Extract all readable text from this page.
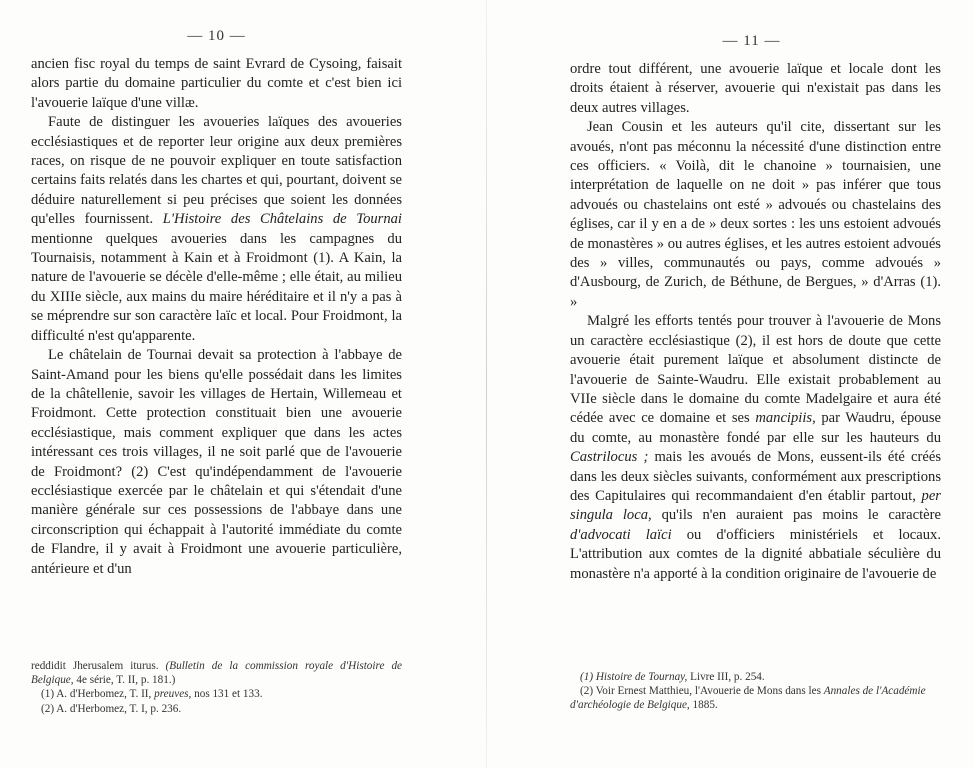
— 10 —

ancien fisc royal du temps de saint Evrard de Cysoing, faisait alors partie du domaine particulier du comte et c'est bien ici l'avouerie laïque d'une villæ.

Faute de distinguer les avoueries laïques des avoueries ecclésiastiques et de reporter leur origine aux deux premières races, on risque de ne pouvoir expliquer en toute satisfaction certains faits relatés dans les chartes et qui, pourtant, doivent se déduire naturellement si peu précises que soient les données qu'elles fournissent. L'Histoire des Châtelains de Tournai mentionne quelques avoueries dans les campagnes du Tournaisis, notamment à Kain et à Froidmont (1). A Kain, la nature de l'avouerie se décèle d'elle-même ; elle était, au milieu du XIIIe siècle, aux mains du maire héréditaire et il n'y a pas à se méprendre sur son caractère laïc et local. Pour Froidmont, la difficulté n'est qu'apparente.

Le châtelain de Tournai devait sa protection à l'abbaye de Saint-Amand pour les biens qu'elle possédait dans les limites de la châtellenie, savoir les villages de Hertain, Willemeau et Froidmont. Cette protection constituait bien une avouerie ecclésiastique, mais comment expliquer que dans les actes intéressant ces trois villages, il ne soit parlé que de l'avouerie de Froidmont? (2) C'est qu'indépendamment de l'avouerie ecclésiastique exercée par le châtelain et qui s'étendait d'une manière générale sur ces possessions de l'abbaye dans une circonscription qui échappait à l'autorité immédiate du comte de Flandre, il y avait à Froidmont une avouerie particulière, antérieure et d'un

reddidit Jherusalem iturus. (Bulletin de la commission royale d'Histoire de Belgique, 4e série, T. II, p. 181.)

(1) A. d'Herbomez, T. II, preuves, nos 131 et 133.

(2) A. d'Herbomez, T. I, p. 236.

— 11 —

ordre tout différent, une avouerie laïque et locale dont les droits étaient à réserver, avouerie qui n'existait pas dans les deux autres villages.

Jean Cousin et les auteurs qu'il cite, dissertant sur les avoués, n'ont pas méconnu la nécessité d'une distinction entre ces officiers. « Voilà, dit le chanoine » tournaisien, une interprétation de laquelle on ne doit » pas inférer que tous advoués ou chastelains ont esté » advoués ou chastelains des églises, car il y en a de » deux sortes : les uns estoient advoués de monastères » ou autres églises, et les autres estoient advoués des » villes, communautés ou pays, comme advoués » d'Ausbourg, de Zurich, de Béthune, de Bergues, » d'Arras (1). »

Malgré les efforts tentés pour trouver à l'avouerie de Mons un caractère ecclésiastique (2), il est hors de doute que cette avouerie était purement laïque et absolument distincte de l'avouerie de Sainte-Waudru. Elle existait probablement au VIIe siècle dans le domaine du comte Madelgaire et aura été cédée avec ce domaine et ses mancipiis, par Waudru, épouse du comte, au monastère fondé par elle sur les hauteurs du Castrilocus ; mais les avoués de Mons, eussent-ils été créés dans les deux siècles suivants, conformément aux prescriptions des Capitulaires qui recommandaient d'en établir partout, per singula loca, qu'ils n'en auraient pas moins le caractère d'advocati laïci ou d'officiers ministériels et locaux. L'attribution aux comtes de la dignité abbatiale séculière du monastère n'a apporté à la condition originaire de l'avouerie de

(1) Histoire de Tournay, Livre III, p. 254.

(2) Voir Ernest Matthieu, l'Avouerie de Mons dans les Annales de l'Académie d'archéologie de Belgique, 1885.
